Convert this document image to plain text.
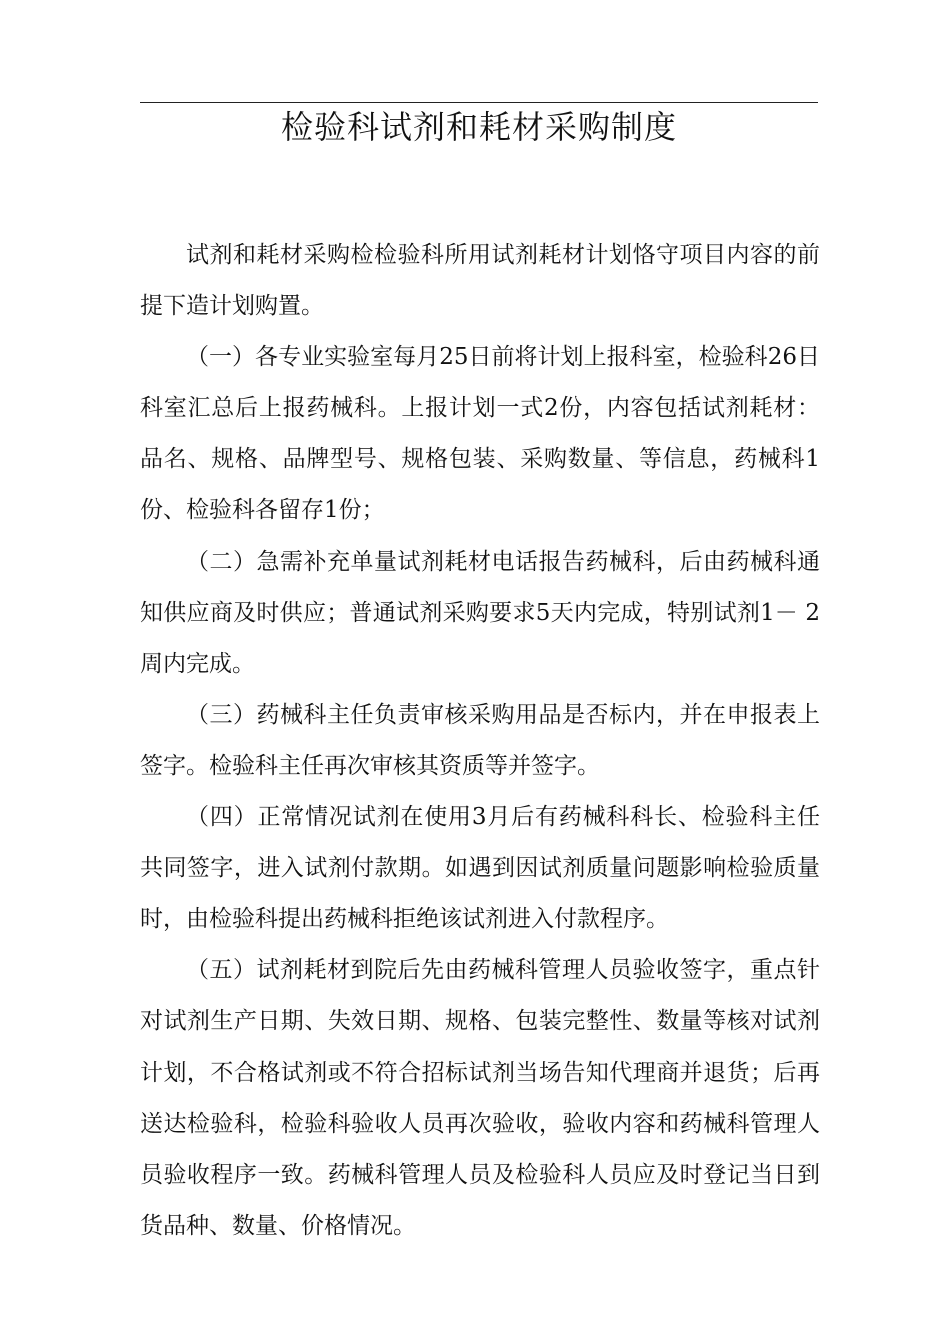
检验科试剂和耗材采购制度

试剂和耗材采购检检验科所用试剂耗材计划恪守项目内容的前提下造计划购置。

（一）各专业实验室每月25日前将计划上报科室，检验科26日科室汇总后上报药械科。上报计划一式2份，内容包括试剂耗材：品名、规格、品牌型号、规格包装、采购数量、等信息，药械科1份、检验科各留存1份；

（二）急需补充单量试剂耗材电话报告药械科，后由药械科通知供应商及时供应；普通试剂采购要求5天内完成，特别试剂1－ 2周内完成。

（三）药械科主任负责审核采购用品是否标内，并在申报表上签字。检验科主任再次审核其资质等并签字。

（四）正常情况试剂在使用3月后有药械科科长、检验科主任共同签字，进入试剂付款期。如遇到因试剂质量问题影响检验质量时，由检验科提出药械科拒绝该试剂进入付款程序。

（五）试剂耗材到院后先由药械科管理人员验收签字，重点针对试剂生产日期、失效日期、规格、包装完整性、数量等核对试剂计划，不合格试剂或不符合招标试剂当场告知代理商并退货；后再送达检验科，检验科验收人员再次验收，验收内容和药械科管理人员验收程序一致。药械科管理人员及检验科人员应及时登记当日到货品种、数量、价格情况。
